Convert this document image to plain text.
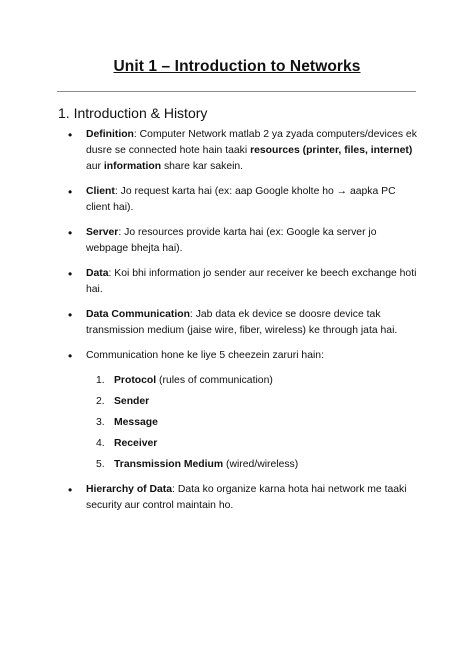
Unit 1 – Introduction to Networks
1. Introduction & History
• Definition: Computer Network matlab 2 ya zyada computers/devices ek dusre se connected hote hain taaki resources (printer, files, internet) aur information share kar sakein.
• Client: Jo request karta hai (ex: aap Google kholte ho → aapka PC client hai).
• Server: Jo resources provide karta hai (ex: Google ka server jo webpage bhejta hai).
• Data: Koi bhi information jo sender aur receiver ke beech exchange hoti hai.
• Data Communication: Jab data ek device se doosre device tak transmission medium (jaise wire, fiber, wireless) ke through jata hai.
• Communication hone ke liye 5 cheezein zaruri hain:
1. Protocol (rules of communication)
2. Sender
3. Message
4. Receiver
5. Transmission Medium (wired/wireless)
• Hierarchy of Data: Data ko organize karna hota hai network me taaki security aur control maintain ho.
